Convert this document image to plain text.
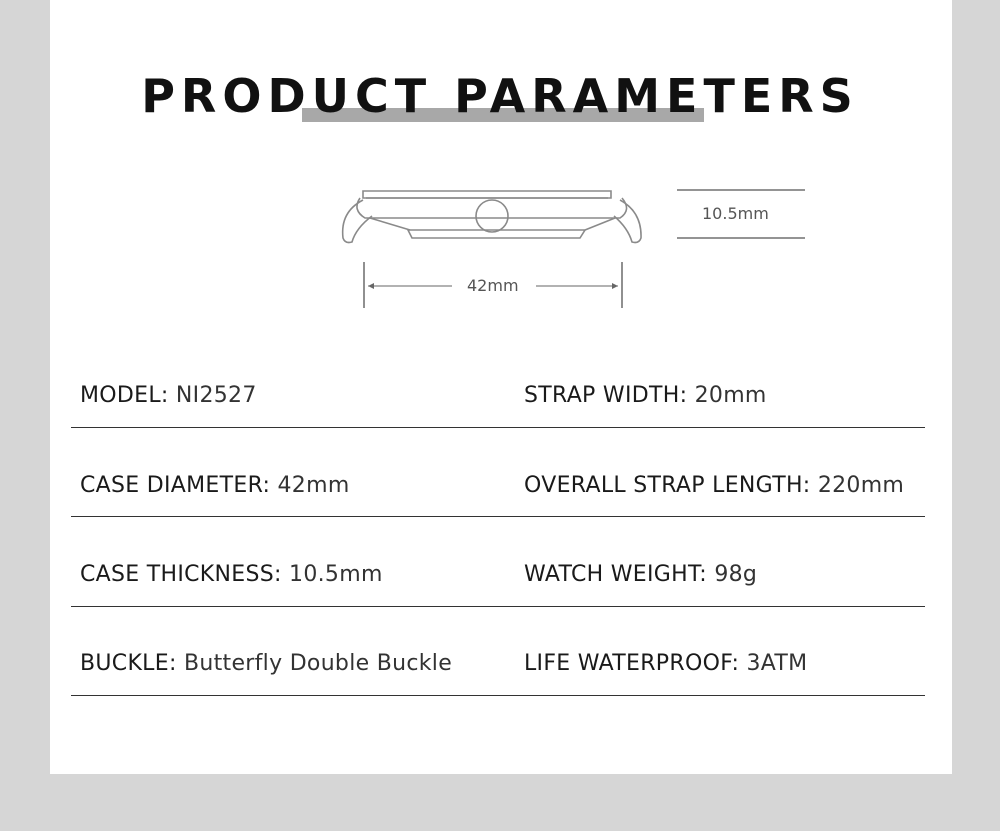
PRODUCT PARAMETERS
10.5mm
42mm
MODEL: NI2527	STRAP WIDTH: 20mm
CASE DIAMETER: 42mm	OVERALL STRAP LENGTH: 220mm
CASE THICKNESS: 10.5mm	WATCH WEIGHT: 98g
BUCKLE: Butterfly Double Buckle	LIFE WATERPROOF: 3ATM
